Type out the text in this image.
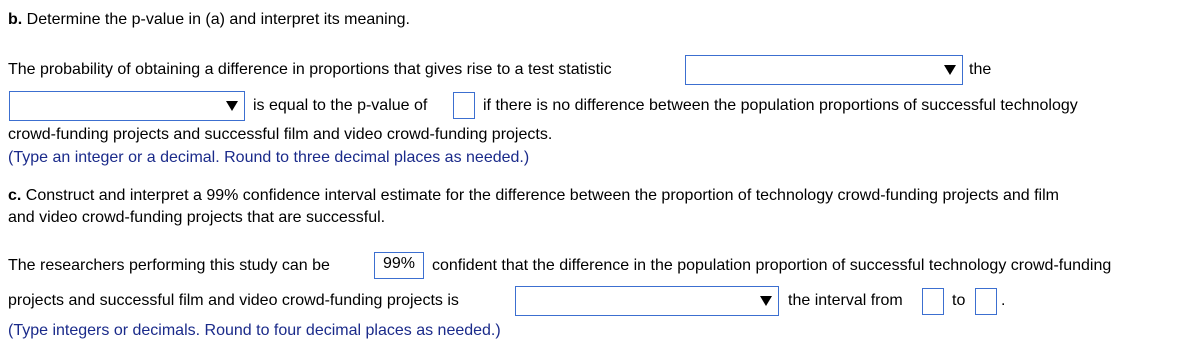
b. Determine the p-value in (a) and interpret its meaning.
The probability of obtaining a difference in proportions that gives rise to a test statistic	the
is equal to the p-value of	if there is no difference between the population proportions of successful technology
crowd-funding projects and successful film and video crowd-funding projects.
(Type an integer or a decimal. Round to three decimal places as needed.)
c. Construct and interpret a 99% confidence interval estimate for the difference between the proportion of technology crowd-funding projects and film
and video crowd-funding projects that are successful.
The researchers performing this study can be	99%	confident that the difference in the population proportion of successful technology crowd-funding
projects and successful film and video crowd-funding projects is	the interval from	to .
(Type integers or decimals. Round to four decimal places as needed.)
